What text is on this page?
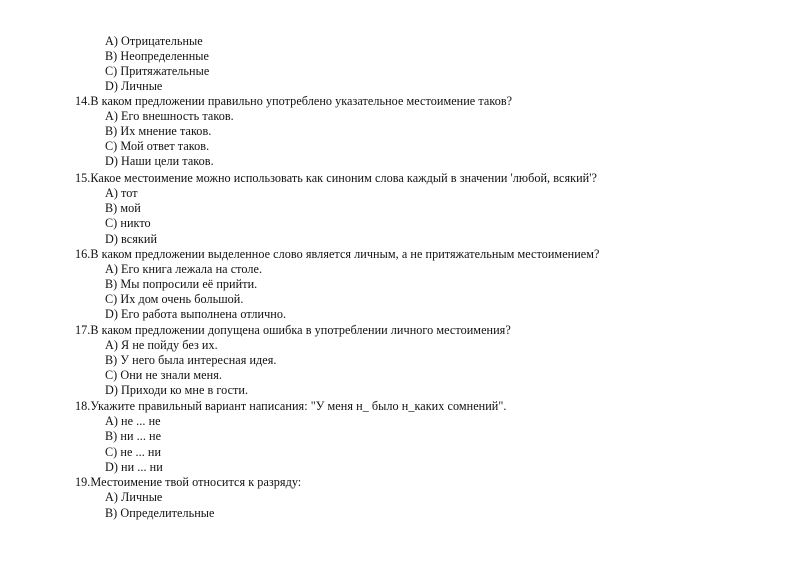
A) Отрицательные
B) Неопределенные
C) Притяжательные
D) Личные
14.В каком предложении правильно употреблено указательное местоимение таков?
A) Его внешность таков.
B) Их мнение таков.
C) Мой ответ таков.
D) Наши цели таков.
15.Какое местоимение можно использовать как синоним слова каждый в значении 'любой, всякий'?
A) тот
B) мой
C) никто
D) всякий
16.В каком предложении выделенное слово является личным, а не притяжательным местоимением?
A) Его книга лежала на столе.
B) Мы попросили её прийти.
C) Их дом очень большой.
D) Его работа выполнена отлично.
17.В каком предложении допущена ошибка в употреблении личного местоимения?
A) Я не пойду без их.
B) У него была интересная идея.
C) Они не знали меня.
D) Приходи ко мне в гости.
18.Укажите правильный вариант написания: "У меня н_ было н_каких сомнений".
A) не ... не
B) ни ... не
C) не ... ни
D) ни ... ни
19.Местоимение твой относится к разряду:
A) Личные
B) Определительные
